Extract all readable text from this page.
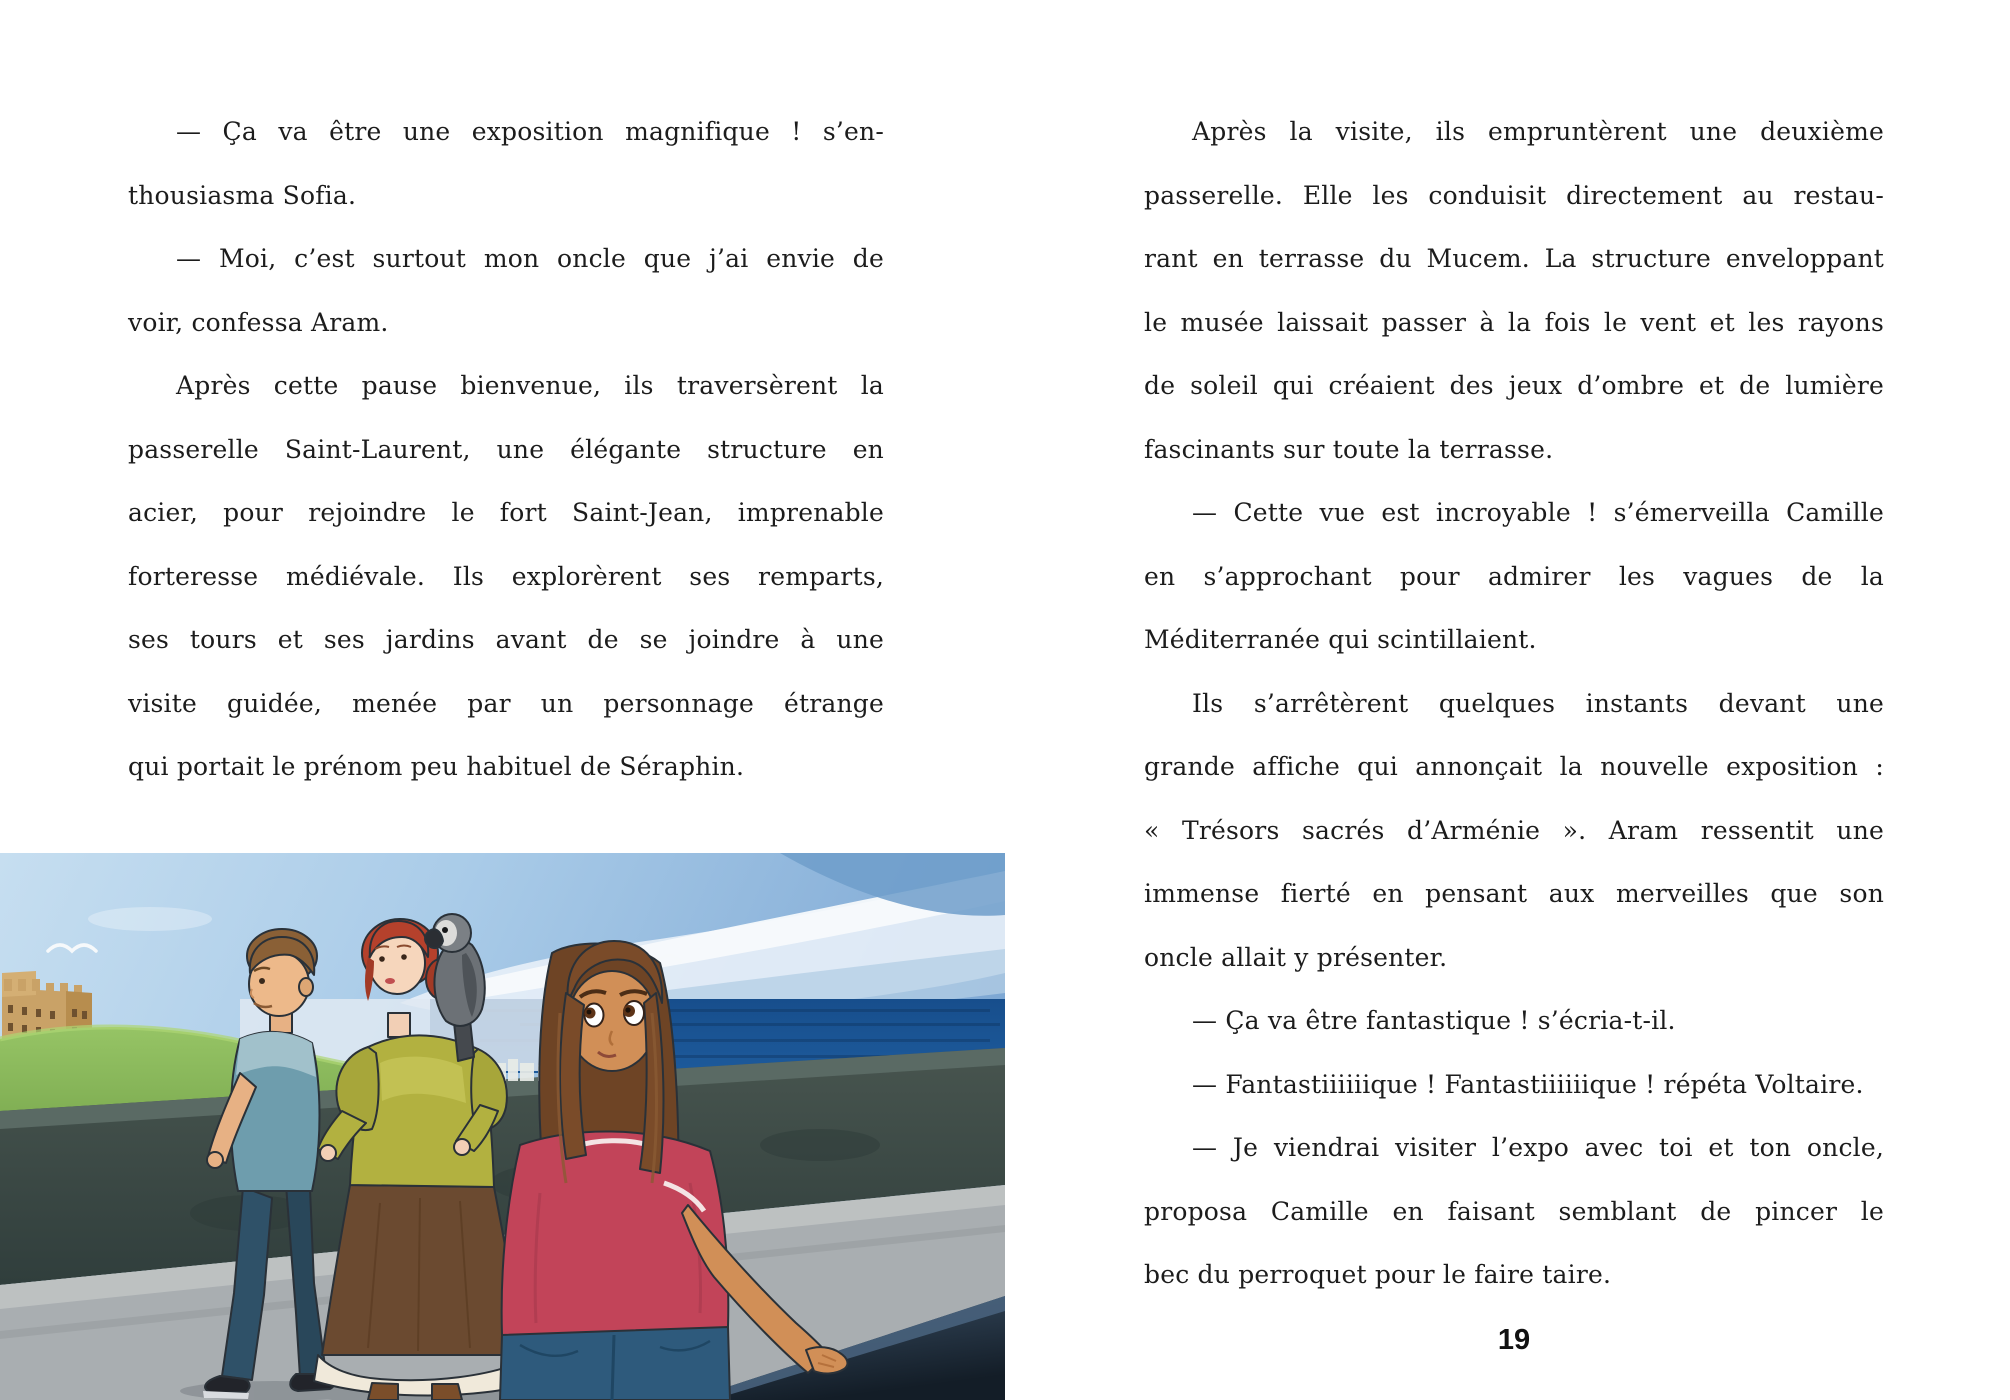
— Ça va être une exposition magnifique ! s’en-
thousiasma Sofia.
— Moi, c’est surtout mon oncle que j’ai envie de
voir, confessa Aram.
Après cette pause bienvenue, ils traversèrent la
passerelle Saint-Laurent, une élégante structure en
acier, pour rejoindre le fort Saint-Jean, imprenable
forteresse médiévale. Ils explorèrent ses remparts,
ses tours et ses jardins avant de se joindre à une
visite guidée, menée par un personnage étrange
qui portait le prénom peu habituel de Séraphin.
Après la visite, ils empruntèrent une deuxième
passerelle. Elle les conduisit directement au restau-
rant en terrasse du Mucem. La structure enveloppant
le musée laissait passer à la fois le vent et les rayons
de soleil qui créaient des jeux d’ombre et de lumière
fascinants sur toute la terrasse.
— Cette vue est incroyable ! s’émerveilla Camille
en s’approchant pour admirer les vagues de la
Méditerranée qui scintillaient.
Ils s’arrêtèrent quelques instants devant une
grande affiche qui annonçait la nouvelle exposition :
« Trésors sacrés d’Arménie ». Aram ressentit une
immense fierté en pensant aux merveilles que son
oncle allait y présenter.
— Ça va être fantastique ! s’écria-t-il.
— Fantastiiiiiique ! Fantastiiiiiique ! répéta Voltaire.
— Je viendrai visiter l’expo avec toi et ton oncle,
proposa Camille en faisant semblant de pincer le
bec du perroquet pour le faire taire.
19
